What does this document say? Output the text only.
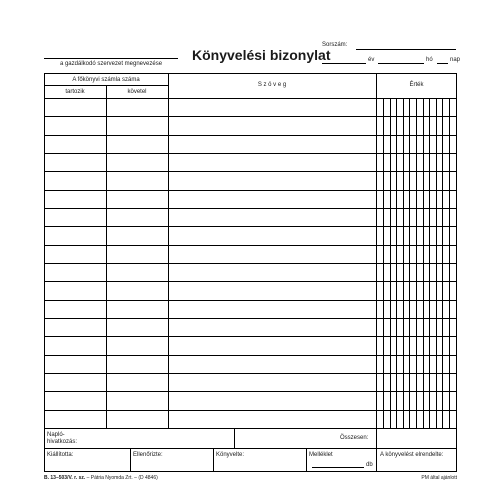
a gazdálkodó szervezet megnevezése
Könyvelési bizonylat
Sorszám:
év	hó	nap
A főkönyvi számla száma
tartozik	követel
S z ö v e g	Érték
Napló-
hivatkozás:
Összesen:
Kiállította:	Ellenőrizte:	Könyvelte:	Melléklet
db
A könyvelést elrendelte:
B. 13–503/V. r. sz. – Pátria Nyomda Zrt. – (D 4846)	PM által ajánlott
